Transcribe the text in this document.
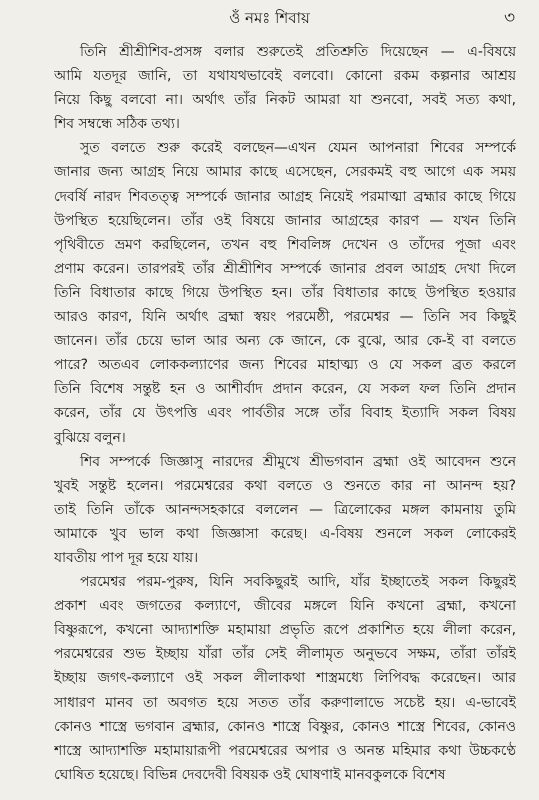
ওঁ নমঃ শিবায়	৩
তিনি শ্রীশ্রীশিব-প্রসঙ্গ বলার শুরুতেই প্রতিশ্রুতি দিয়েছেন — এ-বিষয়ে
আমি যতদূর জানি, তা যথাযথভাবেই বলবো। কোনো রকম কল্পনার আশ্রয়
নিয়ে কিছু বলবো না। অর্থাৎ তাঁর নিকট আমরা যা শুনবো, সবই সত্য কথা,
শিব সম্বন্ধে সঠিক তথ্য।
সুত বলতে শুরু করেই বলছেন—এখন যেমন আপনারা শিবের সম্পর্কে
জানার জন্য আগ্রহ নিয়ে আমার কাছে এসেছেন, সেরকমই বহু আগে এক সময়
দেবর্ষি নারদ শিবতত্ত্ব সম্পর্কে জানার আগ্রহ নিয়েই পরমাত্মা ব্রহ্মার কাছে গিয়ে
উপস্থিত হয়েছিলেন। তাঁর ওই বিষয়ে জানার আগ্রহের কারণ — যখন তিনি
পৃথিবীতে ভ্রমণ করছিলেন, তখন বহু শিবলিঙ্গ দেখেন ও তাঁদের পূজা এবং
প্রণাম করেন। তারপরই তাঁর শ্রীশ্রীশিব সম্পর্কে জানার প্রবল আগ্রহ দেখা দিলে
তিনি বিধাতার কাছে গিয়ে উপস্থিত হন। তাঁর বিধাতার কাছে উপস্থিত হওয়ার
আরও কারণ, যিনি অর্থাৎ ব্রহ্মা স্বয়ং পরমেষ্ঠী, পরমেশ্বর — তিনি সব কিছুই
জানেন। তাঁর চেয়ে ভাল আর অন্য কে জানে, কে বুঝে, আর কে-ই বা বলতে
পারে? অতএব লোককল্যাণের জন্য শিবের মাহাত্ম্য ও যে সকল ব্রত করলে
তিনি বিশেষ সন্তুষ্ট হন ও আশীর্বাদ প্রদান করেন, যে সকল ফল তিনি প্রদান
করেন, তাঁর যে উৎপত্তি এবং পার্বতীর সঙ্গে তাঁর বিবাহ ইত্যাদি সকল বিষয়
বুঝিয়ে বলুন।
শিব সম্পর্কে জিজ্ঞাসু নারদের শ্রীমুখে শ্রীভগবান ব্রহ্মা ওই আবেদন শুনে
খুবই সন্তুষ্ট হলেন। পরমেশ্বরের কথা বলতে ও শুনতে কার না আনন্দ হয়?
তাই তিনি তাঁকে আনন্দসহকারে বললেন — ত্রিলোকের মঙ্গল কামনায় তুমি
আমাকে খুব ভাল কথা জিজ্ঞাসা করেছ। এ-বিষয় শুনলে সকল লোকেরই
যাবতীয় পাপ দূর হয়ে যায়।
পরমেশ্বর পরম-পুরুষ, যিনি সবকিছুরই আদি, যাঁর ইচ্ছাতেই সকল কিছুরই
প্রকাশ এবং জগতের কল্যাণে, জীবের মঙ্গলে যিনি কখনো ব্রহ্মা, কখনো
বিষ্ণুরূপে, কখনো আদ্যাশক্তি মহামায়া প্রভৃতি রূপে প্রকাশিত হয়ে লীলা করেন,
পরমেশ্বরের শুভ ইচ্ছায় যাঁরা তাঁর সেই লীলামৃত অনুভবে সক্ষম, তাঁরা তাঁরই
ইচ্ছায় জগৎ-কল্যাণে ওই সকল লীলাকথা শাস্ত্রমধ্যে লিপিবদ্ধ করেছেন। আর
সাধারণ মানব তা অবগত হয়ে সতত তাঁর করুণালাভে সচেষ্ট হয়। এ-ভাবেই
কোনও শাস্ত্রে ভগবান ব্রহ্মার, কোনও শাস্ত্রে বিষ্ণুর, কোনও শাস্ত্রে শিবের, কোনও
শাস্ত্রে আদ্যাশক্তি মহামায়ারূপী পরমেশ্বরের অপার ও অনন্ত মহিমার কথা উচ্চকণ্ঠে
ঘোষিত হয়েছে। বিভিন্ন দেবদেবী বিষয়ক ওই ঘোষণাই মানবকুলকে বিশেষ
